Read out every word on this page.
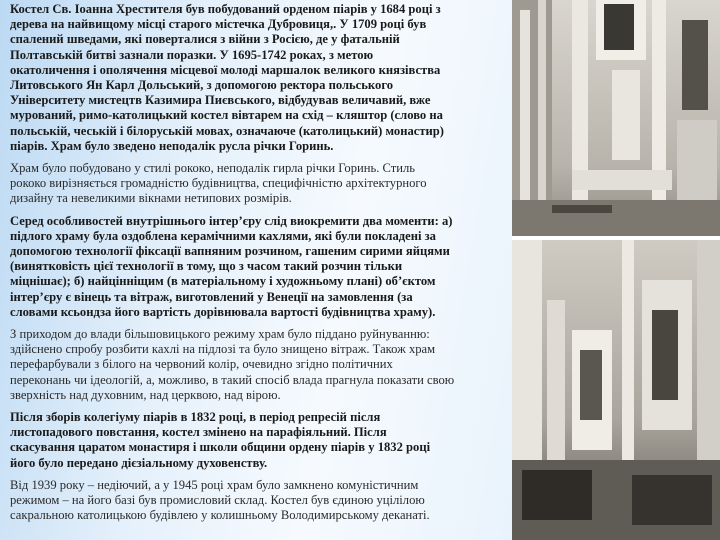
Костел Св. Іоанна Хрестителя був побудований орденом піарів у 1684 році з
дерева на найвищому місці старого містечка Дубровиця,. У 1709 році був
спалений шведами, які поверталися з війни з Росією, де у фатальній
Полтавській битві зазнали поразки. У 1695-1742 роках, з метою
окатоличення і ополячення місцевої молоді маршалок великого князівства
Литовського Ян Карл Дольський, з допомогою ректора польського
Університету мистецтв Казимира Пиєвського, відбудував величавий, вже
мурований, римо-католицький костел вівтарем на схід – кляштор (слово на
польській, чеській і білоруській мовах, означаюче (католицький) монастир)
піарів. Храм було зведено неподалік русла річки Горинь.
Храм було побудовано у стилі рококо, неподалік гирла річки Горинь. Стиль
рококо вирізняється громадністю будівництва, специфічністю архітектурного
дизайну та невеликими вікнами нетипових розмірів.
Серед особливостей внутрішнього інтер’єру слід виокремити два моменти: а)
підлого храму була оздоблена керамічними кахлями, які були покладені за
допомогою технології фіксації вапняним розчином, гашеним сирими яйцями
(винятковість цієї технології в тому, що з часом такий розчин тільки
міцнішає); б) найцінніщим (в матеріальному і художньому плані) об’єктом
інтер’єру є вінець та вітраж, виготовлений у Венеції на замовлення (за
словами ксьондза його вартість дорівнювала вартості будівництва храму).
З приходом до влади більшовицького режиму храм було піддано руйнуванню:
здійснено спробу розбити кахлі на підлозі та було знищено вітраж. Також храм
перефарбували з білого на червоний колір, очевидно згідно політичних
переконань чи ідеологій, а, можливо, в такий спосіб влада прагнула показати свою
зверхність над духовним, над церквою, над вірою.
Після зборів колегіуму піарів в 1832 році, в період репресій після
листопадового повстання, костел змінено на парафіяльний. Після
скасування царатом монастиря і школи общини ордену піарів у 1832 році
його було передано дієзіальному духовенству.
Від 1939 року – недіючий, а у 1945 році храм було замкнено комуністичним
режимом – на його базі був промисловий склад. Костел був єдиною уцілілою
сакральною католицькою будівлею у колишньому Володимирському деканаті.
